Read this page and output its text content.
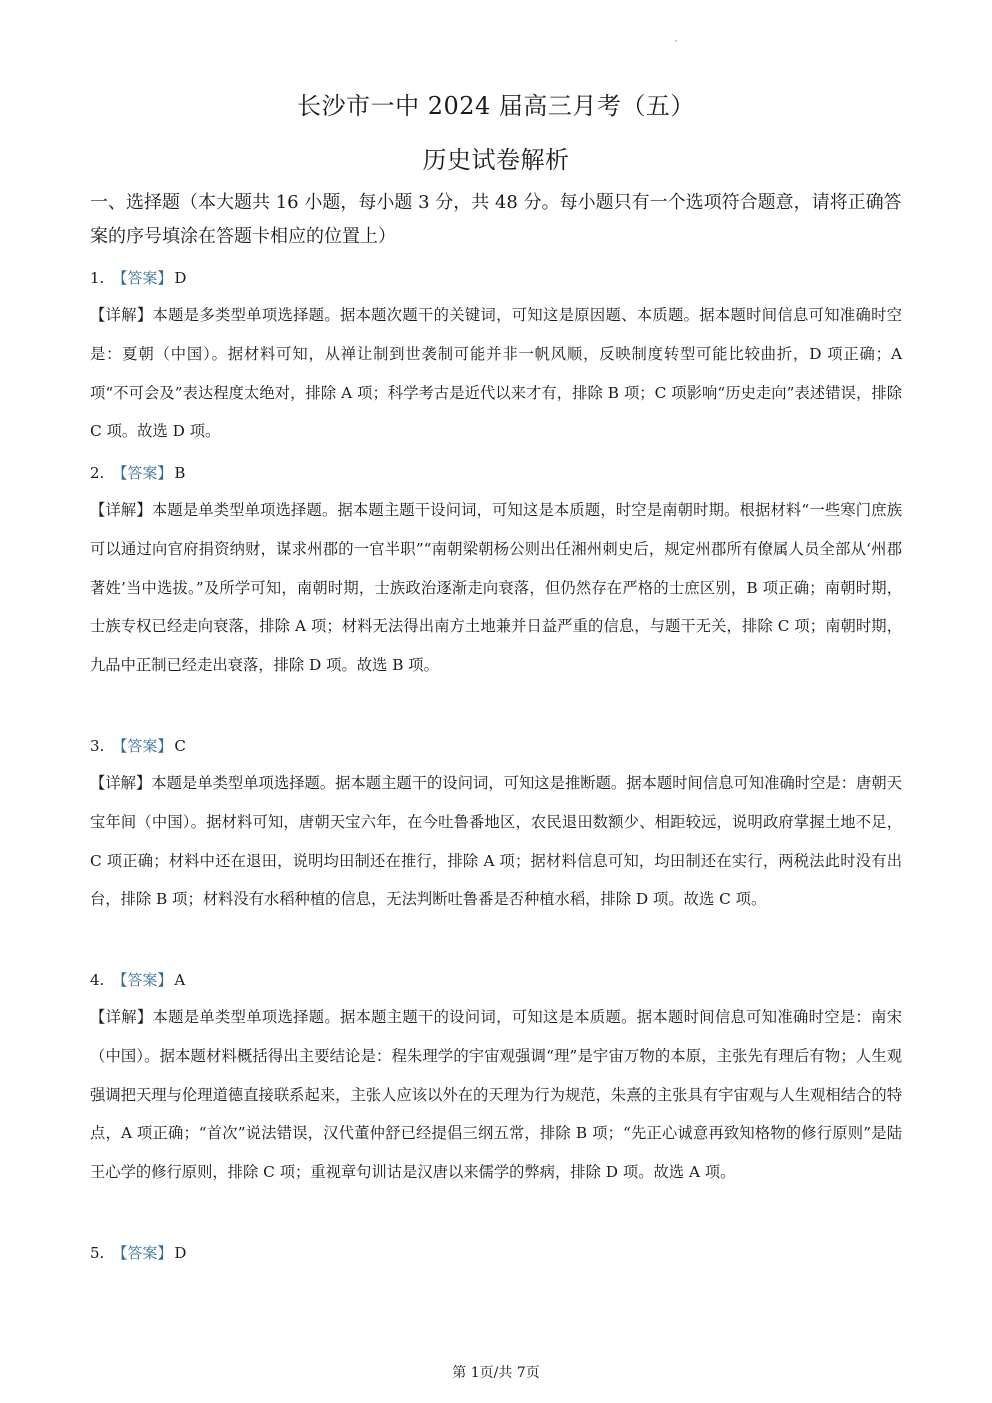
长沙市一中 2024 届高三月考（五）
历史试卷解析

一、选择题（本大题共 16 小题，每小题 3 分，共 48 分。每小题只有一个选项符合题意，请将正确答案的序号填涂在答题卡相应的位置上）

1. 【答案】 D

【详解】本题是多类型单项选择题。据本题次题干的关键词，可知这是原因题、本质题。据本题时间信息可知准确时空是：夏朝（中国）。据材料可知，从禅让制到世袭制可能并非一帆风顺，反映制度转型可能比较曲折，D 项正确；A 项“不可会及”表达程度太绝对，排除 A 项；科学考古是近代以来才有，排除 B 项；C 项影响“历史走向”表述错误，排除 C 项。故选 D 项。

2. 【答案】 B

【详解】本题是单类型单项选择题。据本题主题干设问词，可知这是本质题，时空是南朝时期。根据材料“一些寒门庶族可以通过向官府捐资纳财，谋求州郡的一官半职”“南朝梁朝杨公则出任湘州刺史后，规定州郡所有僚属人员全部从‘州郡著姓’当中选拔。”及所学可知，南朝时期，士族政治逐渐走向衰落，但仍然存在严格的士庶区别，B 项正确；南朝时期，士族专权已经走向衰落，排除 A 项；材料无法得出南方土地兼并日益严重的信息，与题干无关，排除 C 项；南朝时期，九品中正制已经走出衰落，排除 D 项。故选 B 项。

3. 【答案】 C

【详解】本题是单类型单项选择题。据本题主题干的设问词，可知这是推断题。据本题时间信息可知准确时空是：唐朝天宝年间（中国）。据材料可知，唐朝天宝六年，在今吐鲁番地区，农民退田数额少、相距较远，说明政府掌握土地不足，C 项正确；材料中还在退田，说明均田制还在推行，排除 A 项；据材料信息可知，均田制还在实行，两税法此时没有出台，排除 B 项；材料没有水稻种植的信息，无法判断吐鲁番是否种植水稻，排除 D 项。故选 C 项。

4. 【答案】 A

【详解】本题是单类型单项选择题。据本题主题干的设问词，可知这是本质题。据本题时间信息可知准确时空是：南宋（中国）。据本题材料概括得出主要结论是：程朱理学的宇宙观强调“理”是宇宙万物的本原，主张先有理后有物；人生观强调把天理与伦理道德直接联系起来，主张人应该以外在的天理为行为规范，朱熹的主张具有宇宙观与人生观相结合的特点，A 项正确；“首次”说法错误，汉代董仲舒已经提倡三纲五常，排除 B 项；“先正心诚意再致知格物的修行原则”是陆王心学的修行原则，排除 C 项；重视章句训诂是汉唐以来儒学的弊病，排除 D 项。故选 A 项。

5. 【答案】 D
第 1页/共 7页
